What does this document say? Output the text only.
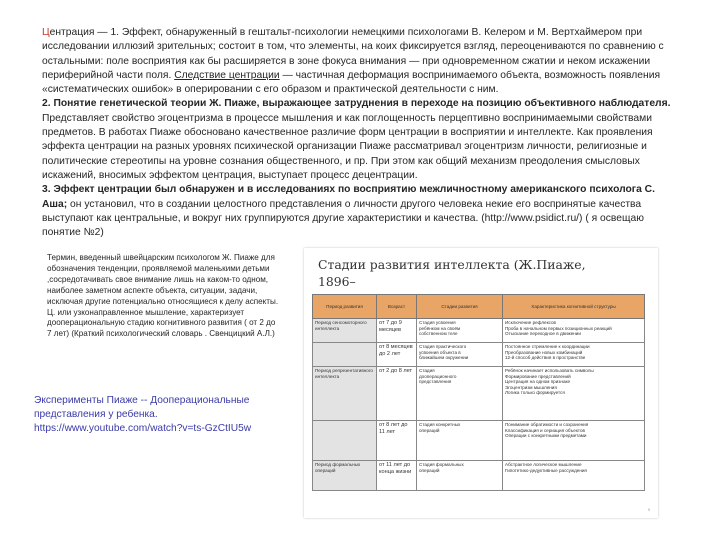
Центрация — 1. Эффект, обнаруженный в гештальт-психологии немецкими психологами В. Келером и М. Вертхаймером при исследовании иллюзий зрительных; состоит в том, что элементы, на коих фиксируется взгляд, переоцениваются по сравнению с остальными: поле восприятия как бы расширяется в зоне фокуса внимания — при одновременном сжатии и неком искажении периферийной части поля. Следствие центрации — частичная деформация воспринимаемого объекта, возможность появления «систематических ошибок» в оперировании с его образом и практической деятельности с ним.

2. Понятие генетической теории Ж. Пиаже, выражающее затруднения в переходе на позицию объективного наблюдателя. Представляет свойство эгоцентризма в процессе мышления и как поглощенность перцептивно воспринимаемыми свойствами предметов. В работах Пиаже обосновано качественное различие форм центрации в восприятии и интеллекте. Как проявления эффекта центрации на разных уровнях психической организации Пиаже рассматривал эгоцентризм личности, религиозные и политические стереотипы на уровне сознания общественного, и пр. При этом как общий механизм преодоления смысловых искажений, вносимых эффектом центрация, выступает процесс децентрации.

3. Эффект центрации был обнаружен и в исследованиях по восприятию межличностному американского психолога С. Аша; он установил, что в создании целостного представления о личности другого человека некие его воспринятые качества выступают как центральные, и вокруг них группируются другие характеристики и качества. (http://www.psidict.ru/) ( я освещаю понятие №2)

Термин, введенный швейцарским психологом Ж. Пиаже для обозначения тенденции, проявляемой маленькими детьми ,сосредотачивать свое внимание лишь на каком-то одном, наиболее заметном аспекте объекта, ситуации, задачи, исключая другие потенциально относящиеся к делу аспекты. Ц. или узконаправленное мышление, характеризует дооперациональную стадию когнитивного развития ( от 2 до 7 лет) (Краткий психологический словарь . Свенцицкий А.Л.)
Эксперименты Пиаже -- Дооперациональные
представления у ребенка.
https://www.youtube.com/watch?v=ts-GzCtIU5w
Стадии развития интеллекта (Ж.Пиаже, 1896–
Период развития	Возраст	Стадии развития	Характеристика когнитивной структуры
Период сенсомоторного интеллекта	от 7 до 9 месяцев	Стадия усвоения
ребёнком на своём
собственном теле	Исключение рефлексов
Проба в начальном первых позиционных реакций
Отыскание переходное в движении

	от 8 месяцев до 2 лет	Стадия практического
усвоения объекта в
ближайшем окружении	Постоянное стремление к координации
Преобразование новых комбинаций
12-й способ действия в пространстве

Период репрезентативного интеллекта	от 2 до 8 лет	Стадия
дооперационного
представления	Ребёнок начинает использовать символы
Формирование представлений
Центрация на одном признаке
Эгоцентризм мышления
Логика только формируется

	от 8 лет до 11 лет	Стадия конкретных
операций	Понимание обратимости и сохранения
Классификация и сериация объектов
Операции с конкретными предметами

Период формальных операций	от 11 лет до конца жизни	Стадия формальных
операций	Абстрактное логическое мышление
Гипотетико-дедуктивные рассуждения
9
